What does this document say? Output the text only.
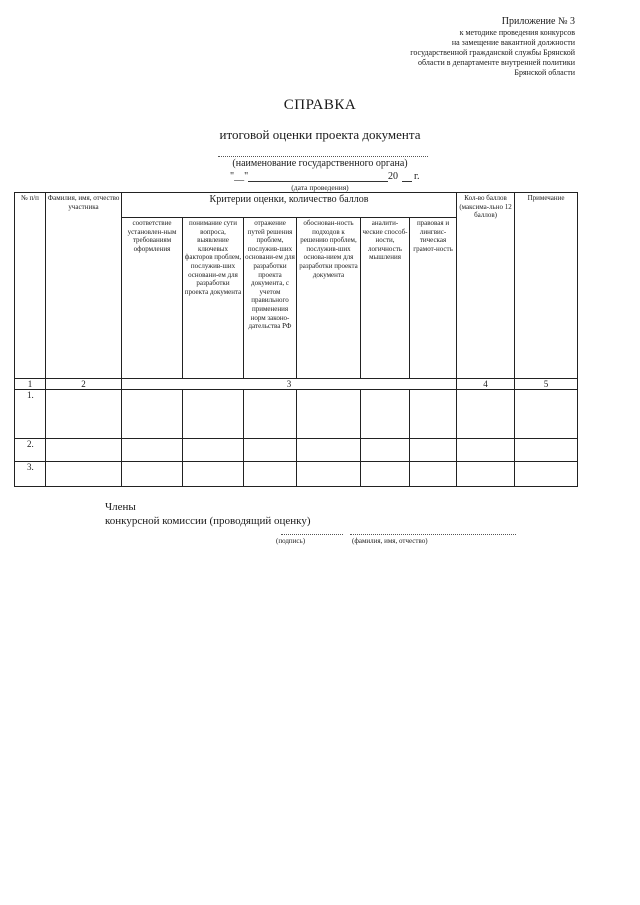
Приложение № 3
к методике проведения конкурсов
на замещение вакантной должности
государственной гражданской службы Брянской
области в департаменте внутренней политики
Брянской области
СПРАВКА
итоговой оценки проекта документа
(наименование государственного органа)
"__"	20 г.
(дата проведения)
№ п/п	Фамилия, имя, отчество участника	Критерии оценки, количество баллов						Кол-во баллов (максима-льно 12 баллов)	Примечание
		соответствие установлен-ным требованиям оформления	понимание сути вопроса, выявление ключевых факторов проблем, послужив-ших основани-ем для разработки проекта документа	отражение путей решения проблем, послужив-ших основани-ем для разработки проекта документа, с учетом правильного применения норм законо-дательства РФ	обоснован-ность подходов к решению проблем, послужив-ших основа-нием для разработки проекта документа	аналити-ческие способ-ности, логичность мышления	правовая и лингвис-тическая грамот-ность		
1	2	3						4	5
1.									
2.									
3.									
Члены
конкурсной комиссии (проводящий оценку)
(подпись)	(фамилия, имя, отчество)
